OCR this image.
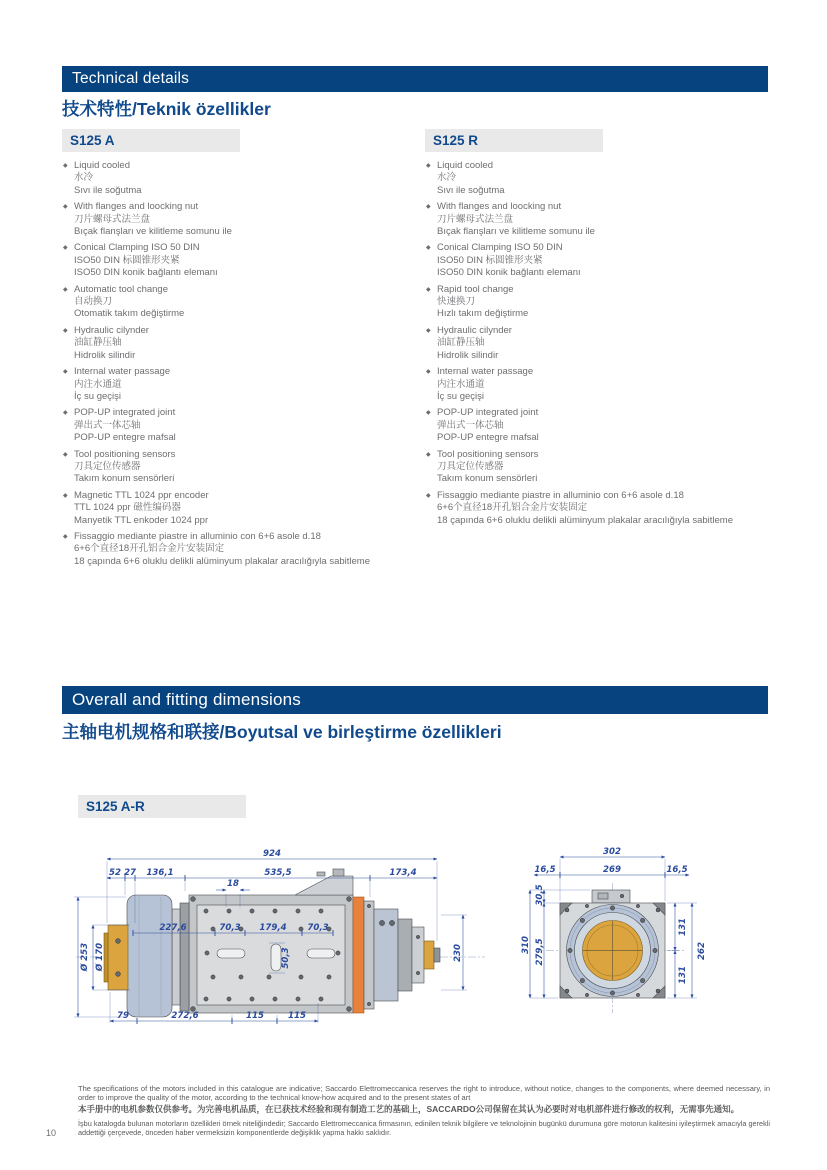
Technical details
技术特性/Teknik özellikler
S125 A	S125 R
◆ Liquid cooled
水冷
Sıvı ile soğutma
◆ With flanges and loocking nut
刀片螺母式法兰盘
Bıçak flanşları ve kilitleme somunu ile
◆ Conical Clamping ISO 50 DIN
ISO50 DIN 标圆锥形夹紧
ISO50 DIN konik bağlantı elemanı
◆ Automatic tool change
自动换刀
Otomatik takım değiştirme
◆ Hydraulic cilynder
油缸静压轴
Hidrolik silindir
◆ Internal water passage
内注水通道
İç su geçişi
◆ POP-UP integrated joint
弹出式一体芯轴
POP-UP entegre mafsal
◆ Tool positioning sensors
刀具定位传感器
Takım konum sensörleri
◆ Magnetic TTL 1024 ppr encoder
TTL 1024 ppr 磁性编码器
Manyetik TTL enkoder 1024 ppr
◆ Fissaggio mediante piastre in alluminio con 6+6 asole d.18
6+6个直径18开孔铝合金片安装固定
18 çapında 6+6 oluklu delikli alüminyum plakalar aracılığıyla sabitleme
◆ Liquid cooled
水冷
Sıvı ile soğutma
◆ With flanges and loocking nut
刀片螺母式法兰盘
Bıçak flanşları ve kilitleme somunu ile
◆ Conical Clamping ISO 50 DIN
ISO50 DIN 标圆锥形夹紧
ISO50 DIN konik bağlantı elemanı
◆ Rapid tool change
快速换刀
Hızlı takım değiştirme
◆ Hydraulic cilynder
油缸静压轴
Hidrolik silindir
◆ Internal water passage
内注水通道
İç su geçişi
◆ POP-UP integrated joint
弹出式一体芯轴
POP-UP entegre mafsal
◆ Tool positioning sensors
刀具定位传感器
Takım konum sensörleri
◆ Fissaggio mediante piastre in alluminio con 6+6 asole d.18
6+6个直径18开孔铝合金片安装固定
18 çapında 6+6 oluklu delikli alüminyum plakalar aracılığıyla sabitleme
Overall and fitting dimensions
主轴电机规格和联接/Boyutsal ve birleştirme özellikleri
S125 A-R
924
52 27 136,1	535,5	173,4
18
227,6	70,3 179,4 70,3
50,3	230
79	272,6	115	115
Ø 253 Ø 170
302
16,5	269	16,5
310
30,5
279,5
131
131
262
The specifications of the motors included in this catalogue are indicative; Saccardo Elettromeccanica reserves the right to introduce, without notice, changes to the components, where deemed necessary, in order to improve the quality of the motor, according to the technical know-how acquired and to the present states of art
本手册中的电机参数仅供参考。为完善电机品质，在已获技术经验和现有制造工艺的基础上，SACCARDO公司保留在其认为必要时对电机部件进行修改的权利，无需事先通知。
İşbu katalogda bulunan motorların özellikleri örnek niteliğindedir; Saccardo Elettromeccanica firmasının, edinilen teknik bilgilere ve teknolojinin bugünkü durumuna göre motorun kalitesini iyileştirmek amacıyla gerekli addettiği çerçevede, önceden haber vermeksizin komponentlerde değişiklik yapma hakkı saklıdır.
10
